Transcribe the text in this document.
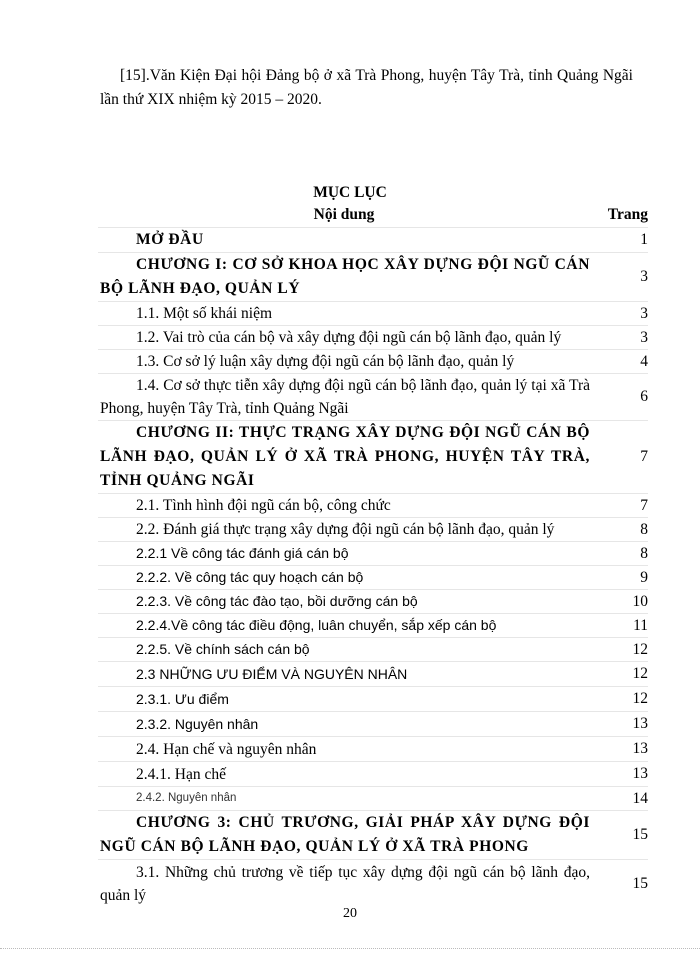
[15].Văn Kiện Đại hội Đảng bộ ở xã Trà Phong, huyện Tây Trà, tỉnh Quảng Ngãi lần thứ XIX nhiệm kỳ 2015 – 2020.

MỤC LỤC
Nội dung	Trang
MỞ ĐẦU	1
CHƯƠNG I: CƠ SỞ KHOA HỌC XÂY DỰNG ĐỘI NGŨ CÁN BỘ LÃNH ĐẠO, QUẢN LÝ	3
1.1. Một số khái niệm	3
1.2. Vai trò của cán bộ và xây dựng đội ngũ cán bộ lãnh đạo, quản lý	3
1.3. Cơ sở lý luận xây dựng đội ngũ cán bộ lãnh đạo, quản lý	4
1.4. Cơ sở thực tiễn xây dựng đội ngũ cán bộ lãnh đạo, quản lý tại xã Trà Phong, huyện Tây Trà, tỉnh Quảng Ngãi	6
CHƯƠNG II: THỰC TRẠNG XÂY DỰNG ĐỘI NGŨ CÁN BỘ LÃNH ĐẠO, QUẢN LÝ Ở XÃ TRÀ PHONG, HUYỆN TÂY TRÀ, TỈNH QUẢNG NGÃI	7
2.1. Tình hình đội ngũ cán bộ, công chức	7
2.2. Đánh giá thực trạng xây dựng đội ngũ cán bộ lãnh đạo, quản lý	8
2.2.1 Về công tác đánh giá cán bộ	8
2.2.2. Về công tác quy hoạch cán bộ	9
2.2.3. Về công tác đào tạo, bồi dưỡng cán bộ	10
2.2.4.Về công tác điều động, luân chuyển, sắp xếp cán bộ	11
2.2.5. Về chính sách cán bộ	12
2.3 NHỮNG ƯU ĐIỂM VÀ NGUYÊN NHÂN	12
2.3.1. Ưu điểm	12
2.3.2. Nguyên nhân	13
2.4. Hạn chế và nguyên nhân	13
2.4.1. Hạn chế	13
2.4.2. Nguyên nhân	14
CHƯƠNG 3: CHỦ TRƯƠNG, GIẢI PHÁP XÂY DỰNG ĐỘI NGŨ CÁN BỘ LÃNH ĐẠO, QUẢN LÝ Ở XÃ TRÀ PHONG	15
3.1. Những chủ trương về tiếp tục xây dựng đội ngũ cán bộ lãnh đạo, quản lý	15
20
